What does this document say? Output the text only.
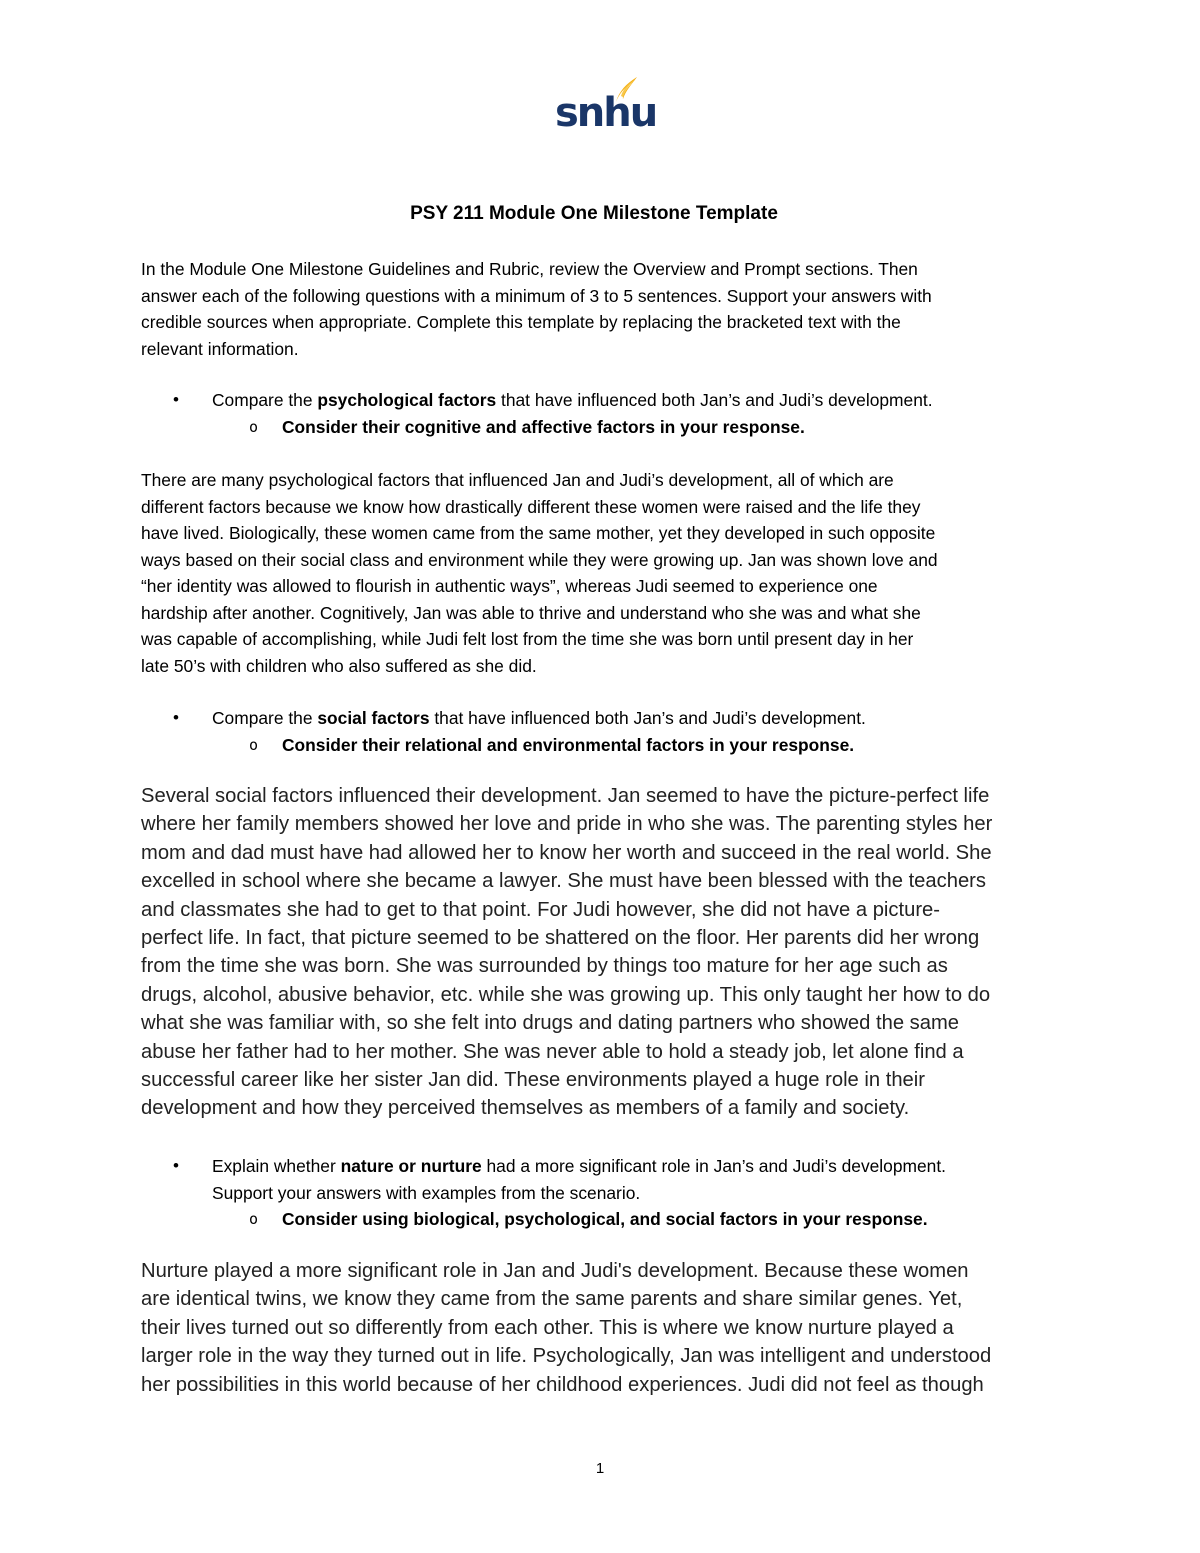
snhu
PSY 211 Module One Milestone Template
In the Module One Milestone Guidelines and Rubric, review the Overview and Prompt sections. Then
answer each of the following questions with a minimum of 3 to 5 sentences. Support your answers with
credible sources when appropriate. Complete this template by replacing the bracketed text with the
relevant information.
• Compare the psychological factors that have influenced both Jan’s and Judi’s development.
o Consider their cognitive and affective factors in your response.
There are many psychological factors that influenced Jan and Judi’s development, all of which are
different factors because we know how drastically different these women were raised and the life they
have lived. Biologically, these women came from the same mother, yet they developed in such opposite
ways based on their social class and environment while they were growing up. Jan was shown love and
“her identity was allowed to flourish in authentic ways”, whereas Judi seemed to experience one
hardship after another. Cognitively, Jan was able to thrive and understand who she was and what she
was capable of accomplishing, while Judi felt lost from the time she was born until present day in her
late 50’s with children who also suffered as she did.
• Compare the social factors that have influenced both Jan’s and Judi’s development.
o Consider their relational and environmental factors in your response.
Several social factors influenced their development. Jan seemed to have the picture-perfect life
where her family members showed her love and pride in who she was. The parenting styles her
mom and dad must have had allowed her to know her worth and succeed in the real world. She
excelled in school where she became a lawyer. She must have been blessed with the teachers
and classmates she had to get to that point. For Judi however, she did not have a picture-
perfect life. In fact, that picture seemed to be shattered on the floor. Her parents did her wrong
from the time she was born. She was surrounded by things too mature for her age such as
drugs, alcohol, abusive behavior, etc. while she was growing up. This only taught her how to do
what she was familiar with, so she felt into drugs and dating partners who showed the same
abuse her father had to her mother. She was never able to hold a steady job, let alone find a
successful career like her sister Jan did. These environments played a huge role in their
development and how they perceived themselves as members of a family and society.
• Explain whether nature or nurture had a more significant role in Jan’s and Judi’s development.
Support your answers with examples from the scenario.
o Consider using biological, psychological, and social factors in your response.
Nurture played a more significant role in Jan and Judi's development. Because these women
are identical twins, we know they came from the same parents and share similar genes. Yet,
their lives turned out so differently from each other. This is where we know nurture played a
larger role in the way they turned out in life. Psychologically, Jan was intelligent and understood
her possibilities in this world because of her childhood experiences. Judi did not feel as though
1
